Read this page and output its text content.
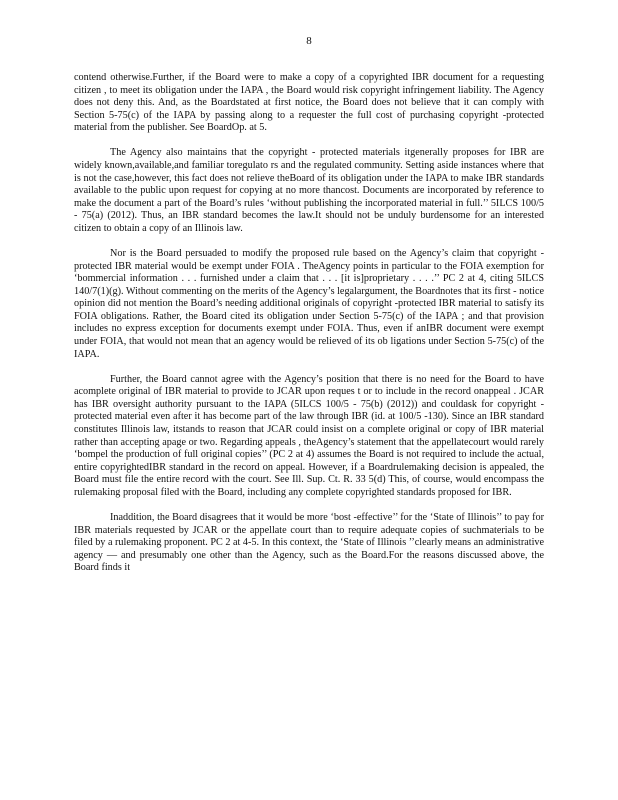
8

contend otherwise.Further, if the Board were to make a copy of a copyrighted IBR document for a requesting citizen , to meet its obligation under the IAPA , the Board would risk copyright infringement liability. The Agency does not deny this. And, as the Boardstated at first notice, the Board does not believe that it can comply with Section 5-75(c) of the IAPA by passing along to a requester the full cost of purchasing copyright -protected material from the publisher. See BoardOp. at 5.

The Agency also maintains that the copyright - protected materials itgenerally proposes for IBR are widely known,available,and familiar toregulato rs and the regulated community. Setting aside instances where that is not the case,however, this fact does not relieve theBoard of its obligation under the IAPA to make IBR standards available to the public upon request for copying at no more thancost. Documents are incorporated by reference to make the document a part of the Board’s rules ‘without publishing the incorporated material in full.’’ 5ILCS 100/5 - 75(a) (2012). Thus, an IBR standard becomes the law.It should not be unduly burdensome for an interested citizen to obtain a copy of an Illinois law.

Nor is the Board persuaded to modify the proposed rule based on the Agency’s claim that copyright -protected IBR material would be exempt under FOIA . TheAgency points in particular to the FOIA exemption for ‘bommercial information . . . furnished under a claim that . . . [it is]proprietary . . . .’’ PC 2 at 4, citing 5ILCS 140/7(1)(g). Without commenting on the merits of the Agency’s legalargument, the Boardnotes that its first - notice opinion did not mention the Board’s needing additional originals of copyright -protected IBR material to satisfy its FOIA obligations. Rather, the Board cited its obligation under Section 5-75(c) of the IAPA ; and that provision includes no express exception for documents exempt under FOIA. Thus, even if anIBR document were exempt under FOIA, that would not mean that an agency would be relieved of its ob ligations under Section 5-75(c) of the IAPA.

Further, the Board cannot agree with the Agency’s position that there is no need for the Board to have acomplete original of IBR material to provide to JCAR upon reques t or to include in the record onappeal . JCAR has IBR oversight authority pursuant to the IAPA (5ILCS 100/5 - 75(b) (2012)) and couldask for copyright - protected material even after it has become part of the law through IBR (id. at 100/5 -130). Since an IBR standard constitutes Illinois law, itstands to reason that JCAR could insist on a complete original or copy of IBR material rather than accepting apage or two. Regarding appeals , theAgency’s statement that the appellatecourt would rarely ‘bompel the production of full original copies’’ (PC 2 at 4) assumes the Board is not required to include the actual, entire copyrightedIBR standard in the record on appeal. However, if a Boardrulemaking decision is appealed, the Board must file the entire record with the court. See Ill. Sup. Ct. R. 33 5(d) This, of course, would encompass the rulemaking proposal filed with the Board, including any complete copyrighted standards proposed for IBR.

Inaddition, the Board disagrees that it would be more ‘bost -effective’’ for the ‘State of Illinois’’ to pay for IBR materials requested by JCAR or the appellate court than to require adequate copies of suchmaterials to be filed by a rulemaking proponent. PC 2 at 4-5. In this context, the ‘State of Illinois ’’clearly means an administrative agency — and presumably one other than the Agency, such as the Board.For the reasons discussed above, the Board finds it
